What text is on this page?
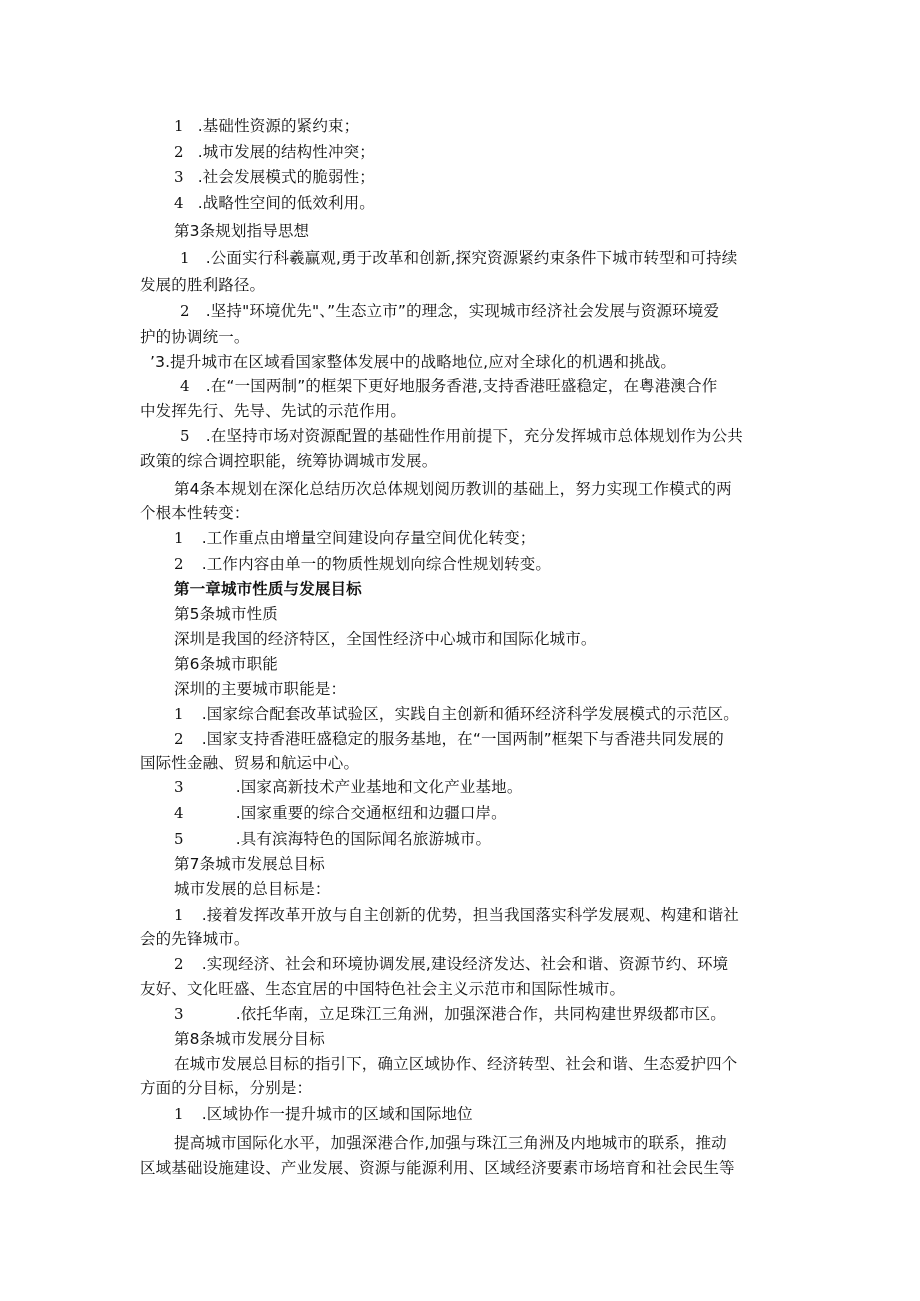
1 .基础性资源的紧约束；
2 .城市发展的结构性冲突；
3 .社会发展模式的脆弱性；
4 .战略性空间的低效利用。
第3条规划指导思想
1 .公面实行科羲赢观,勇于改革和创新,探究资源紧约束条件下城市转型和可持续
发展的胜利路径。
2 .坚持"环境优先"、”生态立市”的理念，实现城市经济社会发展与资源环境爱
护的协调统一。
’3.提升城市在区域看国家整体发展中的战略地位,应对全球化的机遇和挑战。
4 .在“一国两制”的框架下更好地服务香港,支持香港旺盛稳定，在粤港澳合作
中发挥先行、先导、先试的示范作用。
5 .在坚持市场对资源配置的基础性作用前提下，充分发挥城市总体规划作为公共
政策的综合调控职能，统筹协调城市发展。
第4条本规划在深化总结历次总体规划阅历教训的基础上，努力实现工作模式的两
个根本性转变：
1 .工作重点由增量空间建设向存量空间优化转变；
2 .工作内容由单一的物质性规划向综合性规划转变。
第一章城市性质与发展目标
第5条城市性质
深圳是我国的经济特区，全国性经济中心城市和国际化城市。
第6条城市职能
深圳的主要城市职能是：
1 .国家综合配套改革试验区，实践自主创新和循环经济科学发展模式的示范区。
2 .国家支持香港旺盛稳定的服务基地，在“一国两制”框架下与香港共同发展的
国际性金融、贸易和航运中心。
3	.国家高新技术产业基地和文化产业基地。
4	.国家重要的综合交通枢纽和边疆口岸。
5	.具有滨海特色的国际闻名旅游城市。
第7条城市发展总目标
城市发展的总目标是：
1 .接着发挥改革开放与自主创新的优势，担当我国落实科学发展观、构建和谐社
会的先锋城市。
2 .实现经济、社会和环境协调发展,建设经济发达、社会和谐、资源节约、环境
友好、文化旺盛、生态宜居的中国特色社会主义示范市和国际性城市。
3	.依托华南，立足珠江三角洲，加强深港合作，共同构建世界级都市区。
第8条城市发展分目标
在城市发展总目标的指引下，确立区域协作、经济转型、社会和谐、生态爱护四个
方面的分目标，分别是：
1 .区域协作一提升城市的区域和国际地位
提高城市国际化水平，加强深港合作,加强与珠江三角洲及内地城市的联系，推动
区域基础设施建设、产业发展、资源与能源利用、区域经济要素市场培育和社会民生等
